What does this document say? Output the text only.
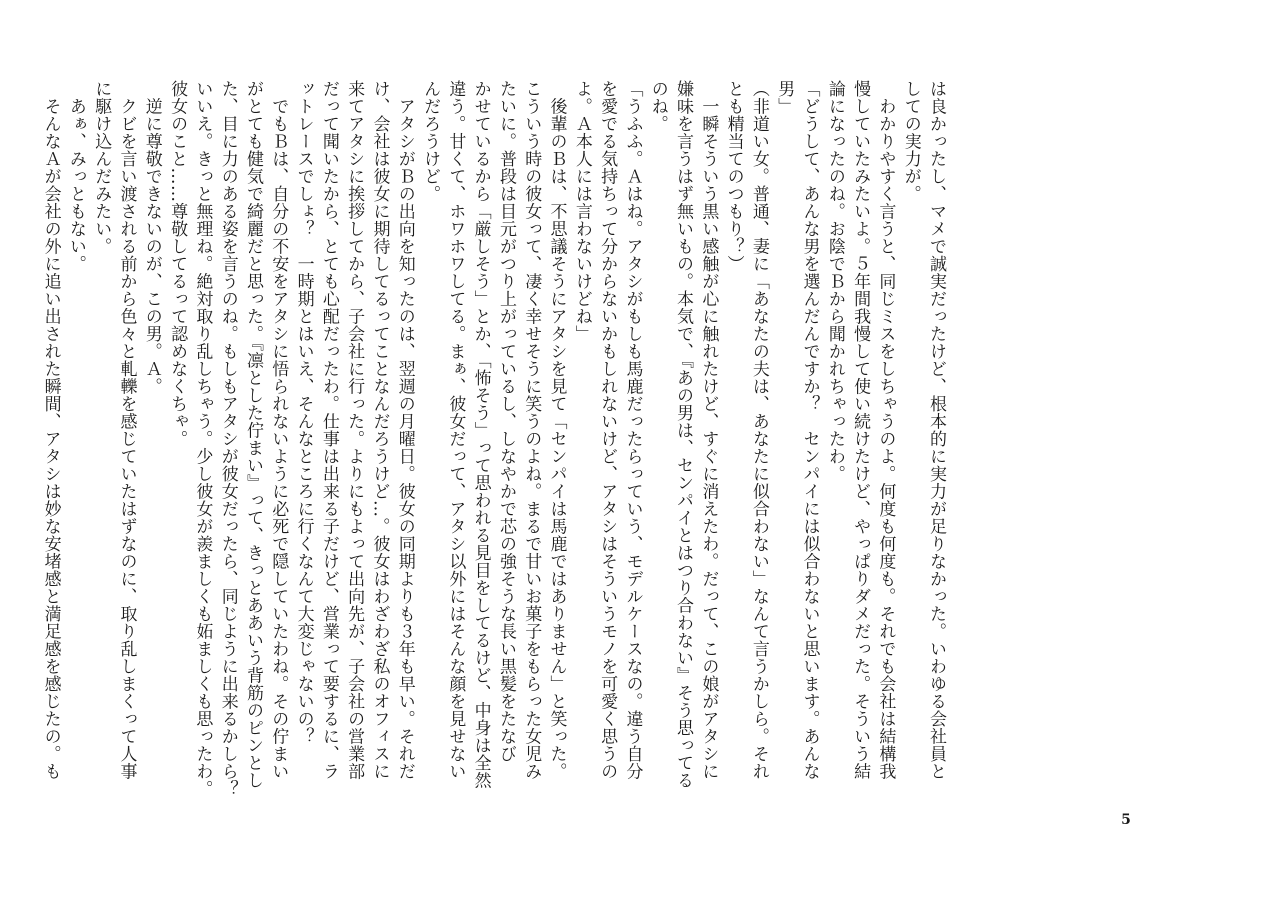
は良かったし、マメで誠実だったけど、根本的に実力が足りなかった。いわゆる会社員と

しての実力が。

　わかりやすく言うと、同じミスをしちゃうのよ。何度も何度も。それでも会社は結構我

慢していたみたいよ。５年間我慢して使い続けたけど、やっぱりダメだった。そういう結

論になったのね。お陰でＢから聞かれちゃったわ。

「どうして、あんな男を選んだんですか？　センパイには似合わないと思います。あんな

男」

（非道い女。普通、妻に「あなたの夫は、あなたに似合わない」なんて言うかしら。それ

とも精当てのつもり？）

　一瞬そういう黒い感触が心に触れたけど、すぐに消えたわ。だって、この娘がアタシに

嫌味を言うはず無いもの。本気で、『あの男は、センパイとはつり合わない』そう思ってる

のね。

「うふふ。Ａはね。アタシがもしも馬鹿だったらっていう、モデルケースなの。違う自分

を愛でる気持ちって分からないかもしれないけど、アタシはそういうモノを可愛く思うの

よ。Ａ本人には言わないけどね」

　後輩のＢは、不思議そうにアタシを見て「センパイは馬鹿ではありません」と笑った。

こういう時の彼女って、凄く幸せそうに笑うのよね。まるで甘いお菓子をもらった女児み

たいに。普段は目元がつり上がっているし、しなやかで芯の強そうな長い黒髪をたなび

かせているから「厳しそう」とか、「怖そう」って思われる見目をしてるけど、中身は全然

違う。甘くて、ホワホワしてる。まぁ、彼女だって、アタシ以外にはそんな顔を見せない

んだろうけど。

　アタシがＢの出向を知ったのは、翌週の月曜日。彼女の同期よりも３年も早い。それだ

け、会社は彼女に期待してるってことなんだろうけど…。彼女はわざわざ私のオフィスに

来てアタシに挨拶してから、子会社に行った。よりにもよって出向先が、子会社の営業部

だって聞いたから、とても心配だったわ。仕事は出来る子だけど、営業って要するに、ラ

ットレースでしょ？　一時期とはいえ、そんなところに行くなんて大変じゃないの？

　でもＢは、自分の不安をアタシに悟られないように必死で隠していたわね。その佇まい

がとても健気で綺麗だと思った。『凛とした佇まい』って、きっとああいう背筋のピンとし

た、目に力のある姿を言うのね。もしもアタシが彼女だったら、同じように出来るかしら？

いいえ。きっと無理ね。絶対取り乱しちゃう。少し彼女が羨ましくも妬ましくも思ったわ。

彼女のこと……尊敬してるって認めなくちゃ。

　逆に尊敬できないのが、この男。Ａ。

　クビを言い渡される前から色々と軋轢を感じていたはずなのに、取り乱しまくって人事

に駆け込んだみたい。

　あぁ、みっともない。

　そんなＡが会社の外に追い出された瞬間、アタシは妙な安堵感と満足感を感じたの。も

5
